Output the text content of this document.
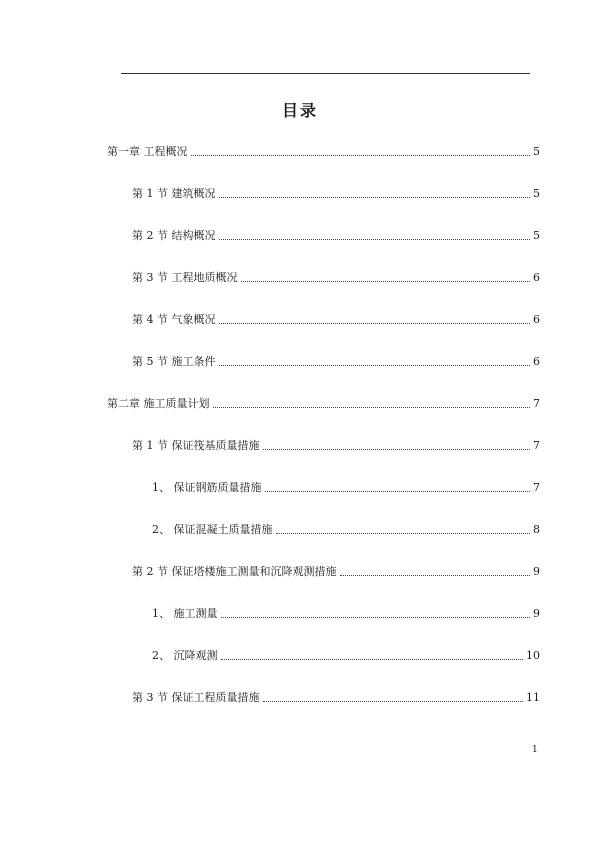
目录
第一章 工程概况	5
第 1 节 建筑概况	5
第 2 节 结构概况	5
第 3 节 工程地质概况	6
第 4 节 气象概况	6
第 5 节 施工条件	6
第二章 施工质量计划	7
第 1 节 保证筏基质量措施	7
1、 保证钢筋质量措施	7
2、 保证混凝土质量措施	8
第 2 节 保证塔楼施工测量和沉降观测措施	9
1、 施工测量	9
2、 沉降观测	10
第 3 节 保证工程质量措施	11
1
